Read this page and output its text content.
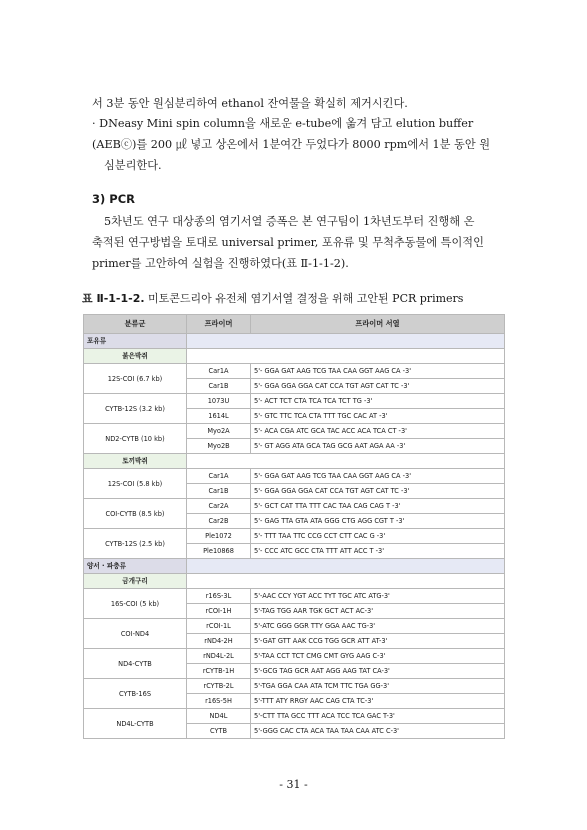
서 3분 동안 원심분리하여 ethanol 잔여물을 확실히 제거시킨다.
· DNeasy Mini spin column을 새로운 e-tube에 옮겨 담고 elution buffer
(AEBⓒ)를 200 ㎕ 넣고 상온에서 1분여간 두었다가 8000 rpm에서 1분 동안 원
심분리한다.
3) PCR
5차년도 연구 대상종의 염기서열 증폭은 본 연구팀이 1차년도부터 진행해 온
축적된 연구방법을 토대로 universal primer, 포유류 및 무척추동물에 특이적인
primer를 고안하여 실험을 진행하였다(표 Ⅱ-1-1-2).
표 Ⅱ-1-1-2. 미토콘드리아 유전체 염기서열 결정을 위해 고안된 PCR primers
분류군	프라이머	프라이머 서열
포유류		
붉은박쥐		
12S-COI (6.7 kb)	Car1A	5'- GGA GAT AAG TCG TAA CAA GGT AAG CA -3'
	Car1B	5'- GGA GGA GGA CAT CCA TGT AGT CAT TC -3'
CYTB-12S (3.2 kb)	1073U	5'- ACT TCT CTA TCA TCA TCT TG -3'
	1614L	5'- GTC TTC TCA CTA TTT TGC CAC AT -3'
ND2-CYTB (10 kb)	Myo2A	5'- ACA CGA ATC GCA TAC ACC ACA TCA CT -3'
	Myo2B	5'- GT AGG ATA GCA TAG GCG AAT AGA AA -3'
토끼박쥐		
12S-COI (5.8 kb)	Car1A	5'- GGA GAT AAG TCG TAA CAA GGT AAG CA -3'
	Car1B	5'- GGA GGA GGA CAT CCA TGT AGT CAT TC -3'
COI-CYTB (8.5 kb)	Car2A	5'- GCT CAT TTA TTT CAC TAA CAG CAG T -3'
	Car2B	5'- GAG TTA GTA ATA GGG CTG AGG CGT T -3'
CYTB-12S (2.5 kb)	Ple1072	5'- TTT TAA TTC CCG CCT CTT CAC G -3'
	Ple10868	5'- CCC ATC GCC CTA TTT ATT ACC T -3'
양서 · 파충류		
금개구리		
16S-COI (5 kb)	r16S-3L	5'-AAC CCY YGT ACC TYT TGC ATC ATG-3'
	rCOI-1H	5'-TAG TGG AAR TGK GCT ACT AC-3'
COI-ND4	rCOI-1L	5'-ATC GGG GGR TTY GGA AAC TG-3'
	rND4-2H	5'-GAT GTT AAK CCG TGG GCR ATT AT-3'
ND4-CYTB	rND4L-2L	5'-TAA CCT TCT CMG CMT GYG AAG C-3'
	rCYTB-1H	5'-GCG TAG GCR AAT AGG AAG TAT CA-3'
CYTB-16S	rCYTB-2L	5'-TGA GGA CAA ATA TCM TTC TGA GG-3'
	r16S-5H	5'-TTT ATY RRGY AAC CAG CTA TC-3'
ND4L-CYTB	ND4L	5'-CTT TTA GCC TTT ACA TCC TCA GAC T-3'
	CYTB	5'-GGG CAC CTA ACA TAA TAA CAA ATC C-3'
- 31 -
